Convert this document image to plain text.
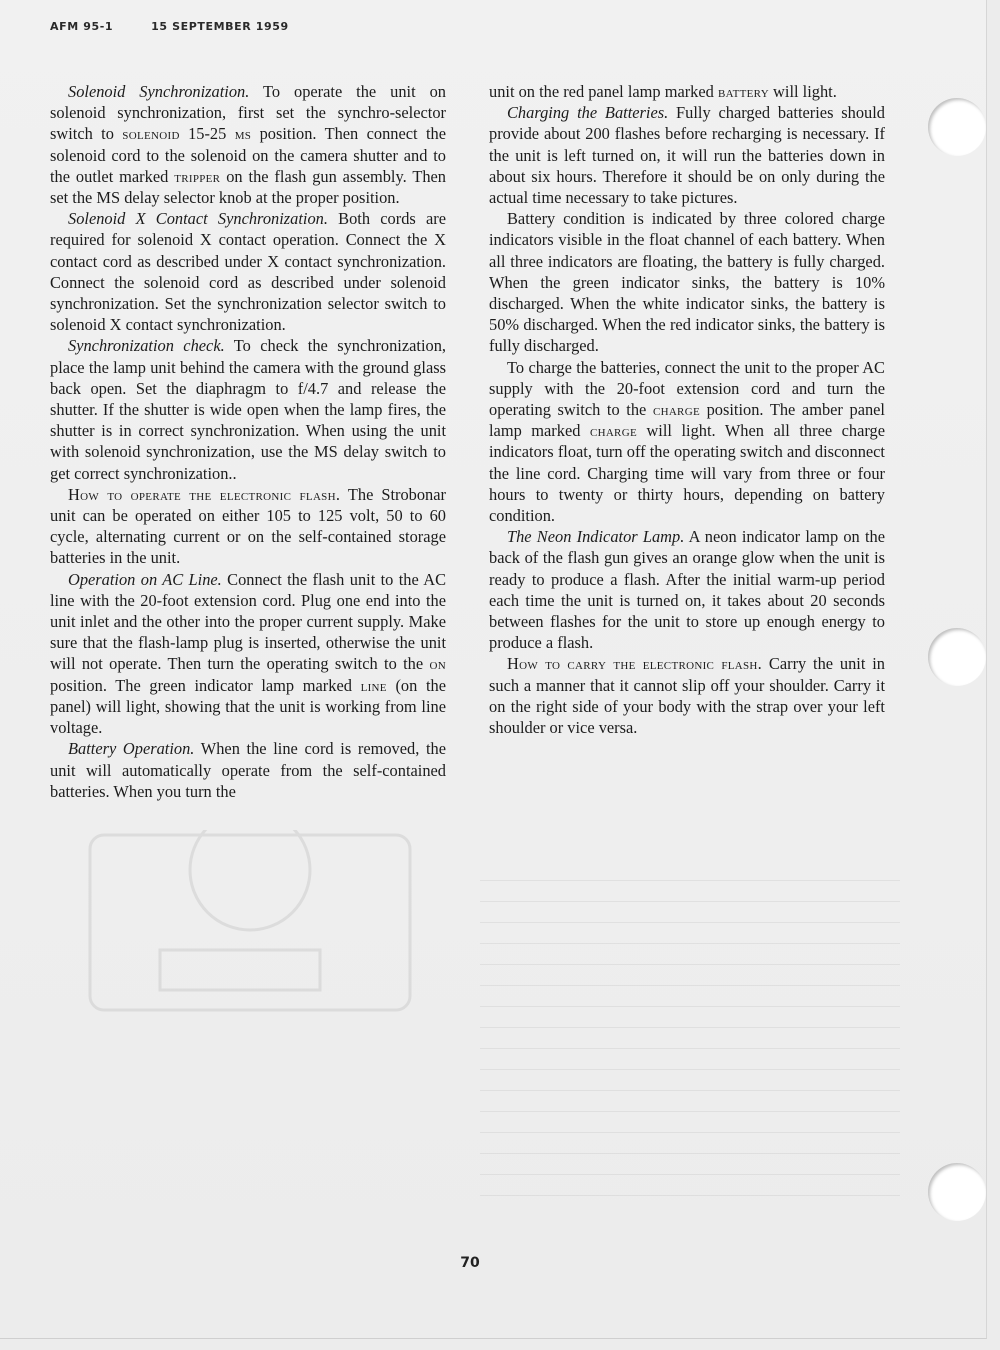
AFM 95-1	15 SEPTEMBER 1959

Solenoid Synchronization. To operate the unit on solenoid synchronization, first set the synchro-selector switch to solenoid 15-25 ms position. Then connect the solenoid cord to the solenoid on the camera shutter and to the outlet marked tripper on the flash gun assembly. Then set the MS delay selector knob at the proper position.

Solenoid X Contact Synchronization. Both cords are required for solenoid X contact operation. Connect the X contact cord as described under X contact synchronization. Connect the solenoid cord as described under solenoid synchronization. Set the synchronization selector switch to solenoid X contact synchronization.

Synchronization check. To check the synchronization, place the lamp unit behind the camera with the ground glass back open. Set the diaphragm to f/4.7 and release the shutter. If the shutter is wide open when the lamp fires, the shutter is in correct synchronization. When using the unit with solenoid synchronization, use the MS delay switch to get correct synchronization..

How to operate the electronic flash. The Strobonar unit can be operated on either 105 to 125 volt, 50 to 60 cycle, alternating current or on the self-contained storage batteries in the unit.

Operation on AC Line. Connect the flash unit to the AC line with the 20-foot extension cord. Plug one end into the unit inlet and the other into the proper current supply. Make sure that the flash-lamp plug is inserted, otherwise the unit will not operate. Then turn the operating switch to the on position. The green indicator lamp marked line (on the panel) will light, showing that the unit is working from line voltage.

Battery Operation. When the line cord is removed, the unit will automatically operate from the self-contained batteries. When you turn the

unit on the red panel lamp marked battery will light.

Charging the Batteries. Fully charged batteries should provide about 200 flashes before recharging is necessary. If the unit is left turned on, it will run the batteries down in about six hours. Therefore it should be on only during the actual time necessary to take pictures.

Battery condition is indicated by three colored charge indicators visible in the float channel of each battery. When all three indicators are floating, the battery is fully charged. When the green indicator sinks, the battery is 10% discharged. When the white indicator sinks, the battery is 50% discharged. When the red indicator sinks, the battery is fully discharged.

To charge the batteries, connect the unit to the proper AC supply with the 20-foot extension cord and turn the operating switch to the charge position. The amber panel lamp marked charge will light. When all three charge indicators float, turn off the operating switch and disconnect the line cord. Charging time will vary from three or four hours to twenty or thirty hours, depending on battery condition.

The Neon Indicator Lamp. A neon indicator lamp on the back of the flash gun gives an orange glow when the unit is ready to produce a flash. After the initial warm-up period each time the unit is turned on, it takes about 20 seconds between flashes for the unit to store up enough energy to produce a flash.

How to carry the electronic flash. Carry the unit in such a manner that it cannot slip off your shoulder. Carry it on the right side of your body with the strap over your left shoulder or vice versa.

70
